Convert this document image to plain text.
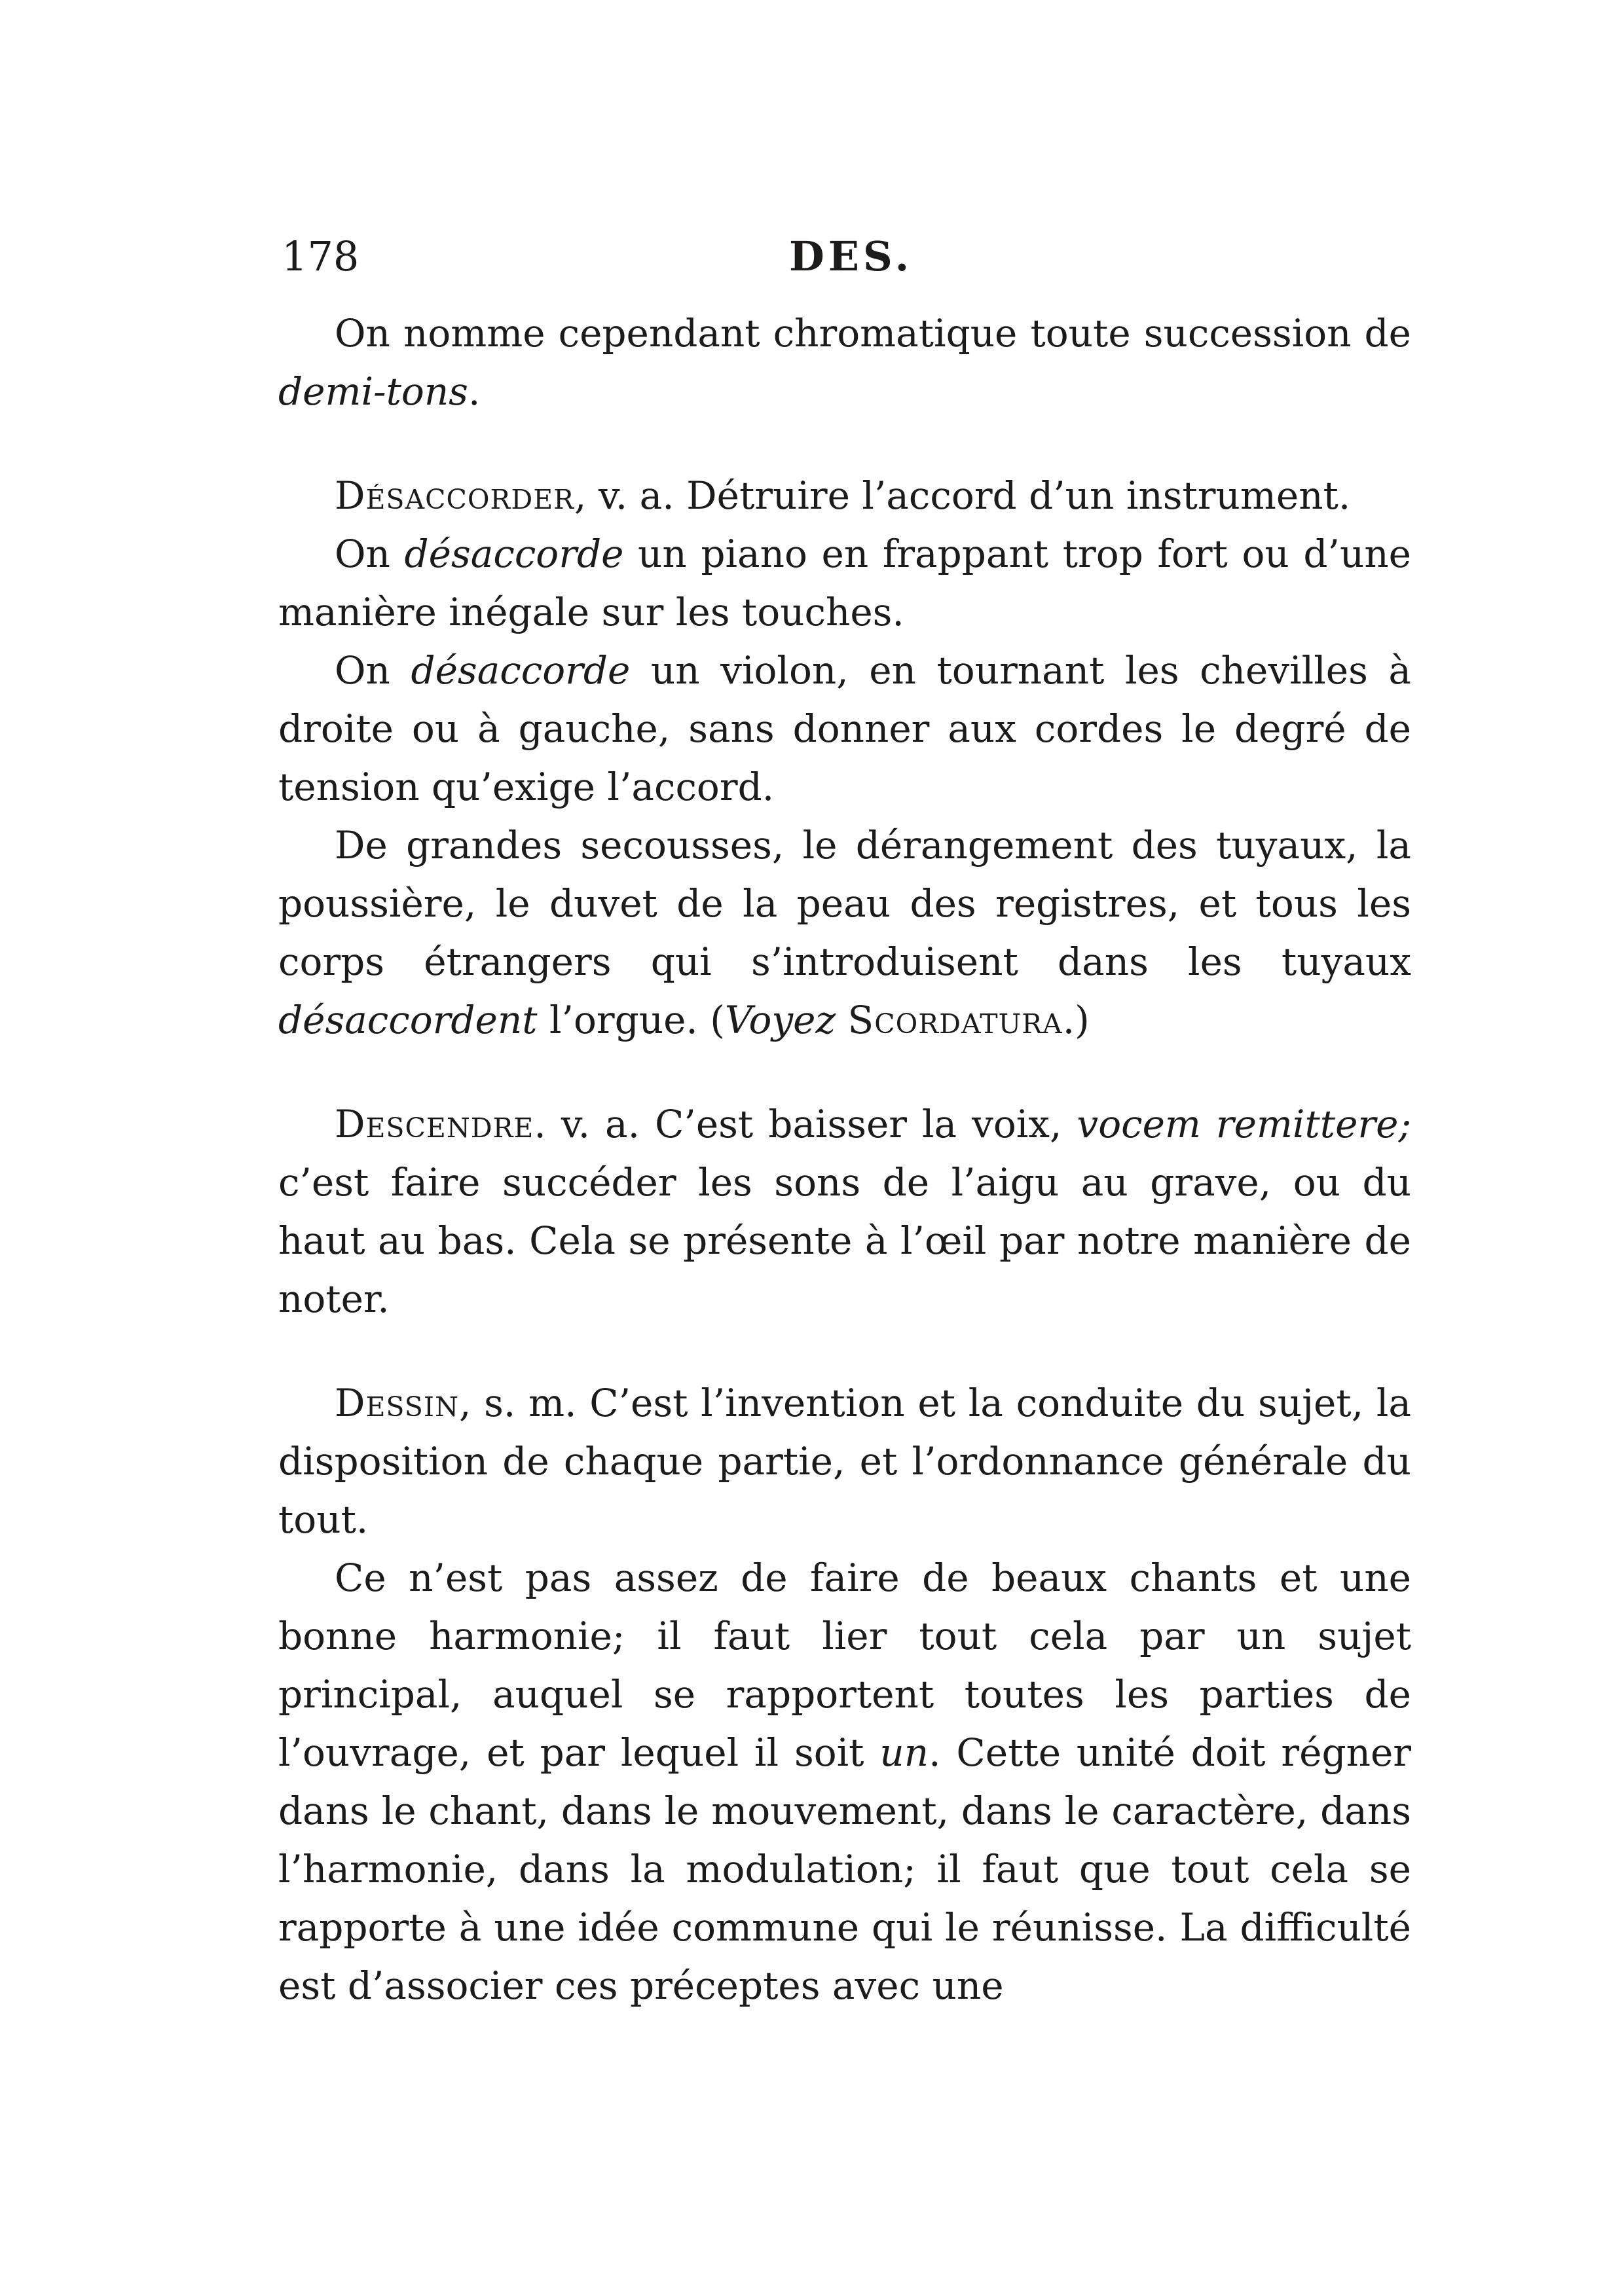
178	DES.

On nomme cependant chromatique toute succession de demi-tons.

Désaccorder, v. a. Détruire l’accord d’un instrument.

On désaccorde un piano en frappant trop fort ou d’une manière inégale sur les touches.

On désaccorde un violon, en tournant les chevilles à droite ou à gauche, sans donner aux cordes le degré de tension qu’exige l’accord.

De grandes secousses, le dérangement des tuyaux, la poussière, le duvet de la peau des registres, et tous les corps étrangers qui s’introduisent dans les tuyaux désaccordent l’orgue. (Voyez Scordatura.)

Descendre. v. a. C’est baisser la voix, vocem remittere; c’est faire succéder les sons de l’aigu au grave, ou du haut au bas. Cela se présente à l’œil par notre manière de noter.

Dessin, s. m. C’est l’invention et la conduite du sujet, la disposition de chaque partie, et l’ordonnance générale du tout.

Ce n’est pas assez de faire de beaux chants et une bonne harmonie; il faut lier tout cela par un sujet principal, auquel se rapportent toutes les parties de l’ouvrage, et par lequel il soit un. Cette unité doit régner dans le chant, dans le mouvement, dans le caractère, dans l’harmonie, dans la modulation; il faut que tout cela se rapporte à une idée commune qui le réunisse. La difficulté est d’associer ces préceptes avec une
